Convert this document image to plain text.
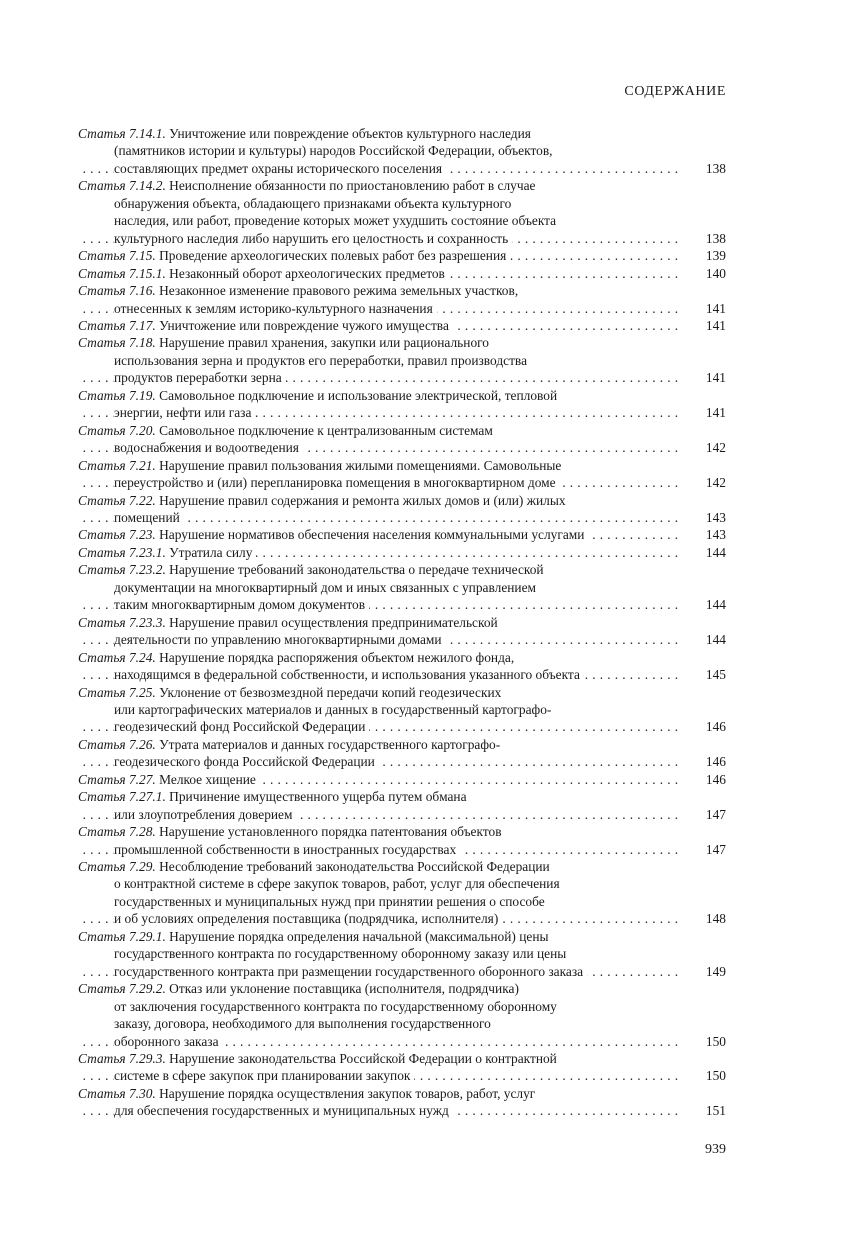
СОДЕРЖАНИЕ
Статья 7.14.1. Уничтожение или повреждение объектов культурного наследия
(памятников истории и культуры) народов Российской Федерации, объектов,
составляющих предмет охраны исторического поселения	138
. . .
Статья 7.14.2. Неисполнение обязанности по приостановлению работ в случае
обнаружения объекта, обладающего признаками объекта культурного
наследия, или работ, проведение которых может ухудшить состояние объекта
культурного наследия либо нарушить его целостность и сохранность	138
. . .
Статья 7.15. Проведение археологических полевых работ без разрешения	139
. . .
Статья 7.15.1. Незаконный оборот археологических предметов	140
. . .
Статья 7.16. Незаконное изменение правового режима земельных участков,
отнесенных к землям историко-культурного назначения	141
. . .
Статья 7.17. Уничтожение или повреждение чужого имущества	141
. . .
Статья 7.18. Нарушение правил хранения, закупки или рационального
использования зерна и продуктов его переработки, правил производства
продуктов переработки зерна	141
. . .
Статья 7.19. Самовольное подключение и использование электрической, тепловой
энергии, нефти или газа	141
. . .
Статья 7.20. Самовольное подключение к централизованным системам
водоснабжения и водоотведения	142
. . .
Статья 7.21. Нарушение правил пользования жилыми помещениями. Самовольные
переустройство и (или) перепланировка помещения в многоквартирном доме	142
. . .
Статья 7.22. Нарушение правил содержания и ремонта жилых домов и (или) жилых
помещений	143
. . .
Статья 7.23. Нарушение нормативов обеспечения населения коммунальными услугами	143
. . .
Статья 7.23.1. Утратила силу	144
. . .
Статья 7.23.2. Нарушение требований законодательства о передаче технической
документации на многоквартирный дом и иных связанных с управлением
таким многоквартирным домом документов	144
. . .
Статья 7.23.3. Нарушение правил осуществления предпринимательской
деятельности по управлению многоквартирными домами	144
. . .
Статья 7.24. Нарушение порядка распоряжения объектом нежилого фонда,
находящимся в федеральной собственности, и использования указанного объекта	145
. . .
Статья 7.25. Уклонение от безвозмездной передачи копий геодезических
или картографических материалов и данных в государственный картографо-
геодезический фонд Российской Федерации	146
. . .
Статья 7.26. Утрата материалов и данных государственного картографо-
геодезического фонда Российской Федерации	146
. . .
Статья 7.27. Мелкое хищение	146
. . .
Статья 7.27.1. Причинение имущественного ущерба путем обмана
или злоупотребления доверием	147
. . .
Статья 7.28. Нарушение установленного порядка патентования объектов
промышленной собственности в иностранных государствах	147
. . .
Статья 7.29. Несоблюдение требований законодательства Российской Федерации
о контрактной системе в сфере закупок товаров, работ, услуг для обеспечения
государственных и муниципальных нужд при принятии решения о способе
и об условиях определения поставщика (подрядчика, исполнителя)	148
. . .
Статья 7.29.1. Нарушение порядка определения начальной (максимальной) цены
государственного контракта по государственному оборонному заказу или цены
государственного контракта при размещении государственного оборонного заказа	149
. . .
Статья 7.29.2. Отказ или уклонение поставщика (исполнителя, подрядчика)
от заключения государственного контракта по государственному оборонному
заказу, договора, необходимого для выполнения государственного
оборонного заказа	150
. . .
Статья 7.29.3. Нарушение законодательства Российской Федерации о контрактной
системе в сфере закупок при планировании закупок	150
. . .
Статья 7.30. Нарушение порядка осуществления закупок товаров, работ, услуг
для обеспечения государственных и муниципальных нужд	151
. . .
939
